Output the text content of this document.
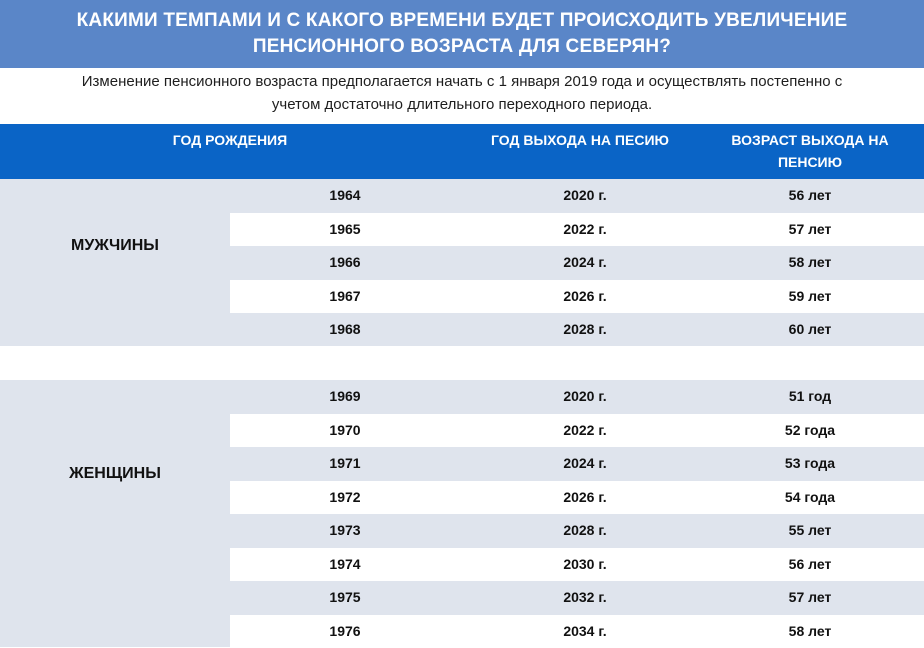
КАКИМИ ТЕМПАМИ И С КАКОГО ВРЕМЕНИ БУДЕТ ПРОИСХОДИТЬ УВЕЛИЧЕНИЕ
ПЕНСИОННОГО ВОЗРАСТА ДЛЯ СЕВЕРЯН?
Изменение пенсионного возраста предполагается начать с 1 января 2019 года и осуществлять постепенно с
учетом достаточно длительного переходного периода.
ГОД РОЖДЕНИЯ	ГОД ВЫХОДА НА ПЕСИЮ	ВОЗРАСТ ВЫХОДА НА
ПЕНСИЮ
МУЖЧИНЫ
1964	2020 г.	56 лет
1965	2022 г.	57 лет
1966	2024 г.	58 лет
1967	2026 г.	59 лет
1968	2028 г.	60 лет
ЖЕНЩИНЫ
1969	2020 г.	51 год
1970	2022 г.	52 года
1971	2024 г.	53 года
1972	2026 г.	54 года
1973	2028 г.	55 лет
1974	2030 г.	56 лет
1975	2032 г.	57 лет
1976	2034 г.	58 лет
